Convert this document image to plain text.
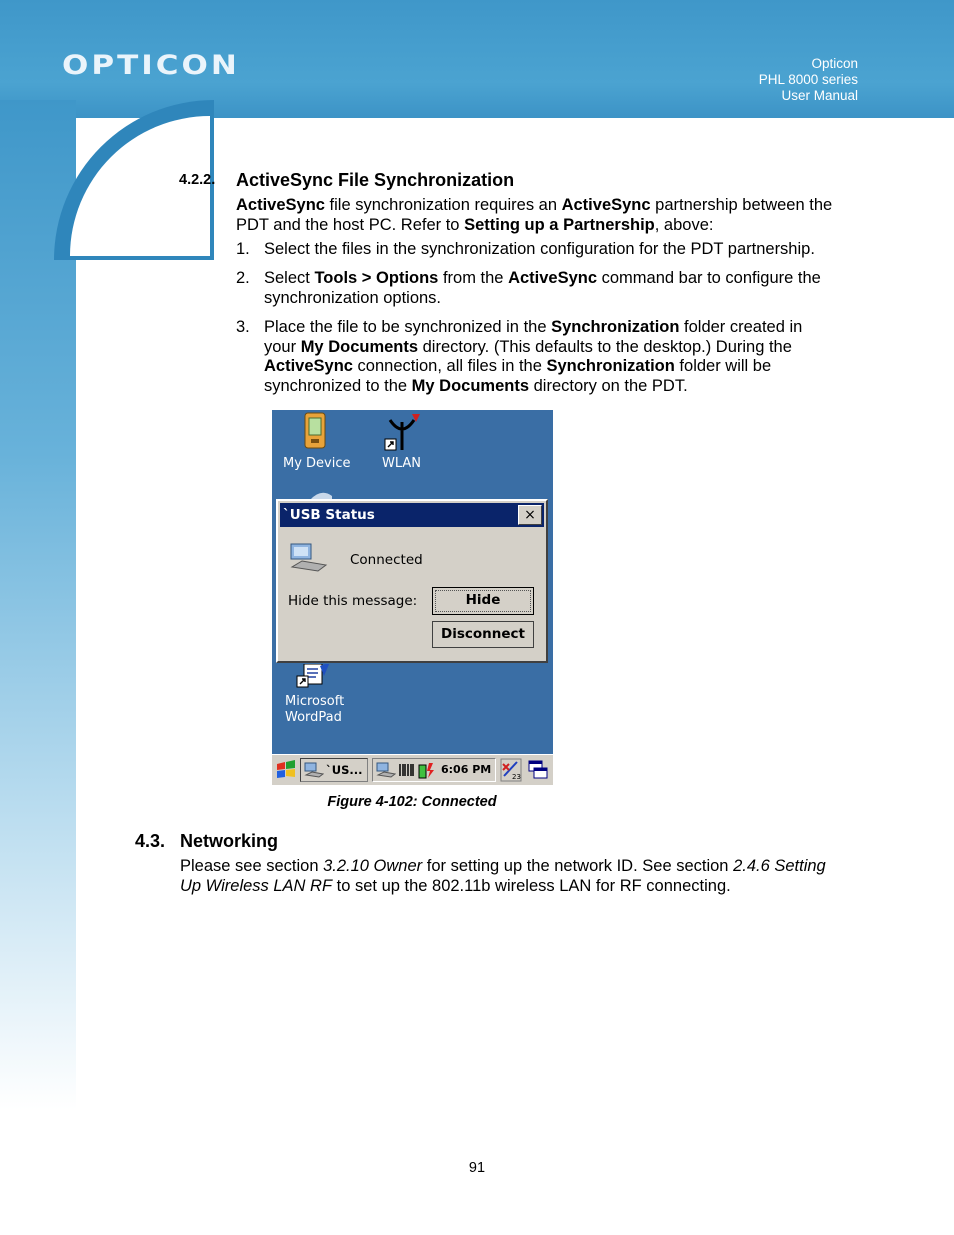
OPTICON	Opticon
PHL 8000 series
User Manual
4.2.2. ActiveSync File Synchronization
ActiveSync file synchronization requires an ActiveSync partnership between the
PDT and the host PC. Refer to Setting up a Partnership, above:
1. Select the files in the synchronization configuration for the PDT partnership.
2. Select Tools > Options from the ActiveSync command bar to configure the
synchronization options.
3. Place the file to be synchronized in the Synchronization folder created in
your My Documents directory. (This defaults to the desktop.) During the
ActiveSync connection, all files in the Synchronization folder will be
synchronized to the My Documents directory on the PDT.
My Device WLAN
`USB Status	×
Connected
Hide this message:	Hide
Disconnect
Microsoft
WordPad
`US...	6:06 PM
23
Figure 4-102: Connected
4.3. Networking
Please see section 3.2.10 Owner for setting up the network ID. See section 2.4.6 Setting
Up Wireless LAN RF to set up the 802.11b wireless LAN for RF connecting.
91
